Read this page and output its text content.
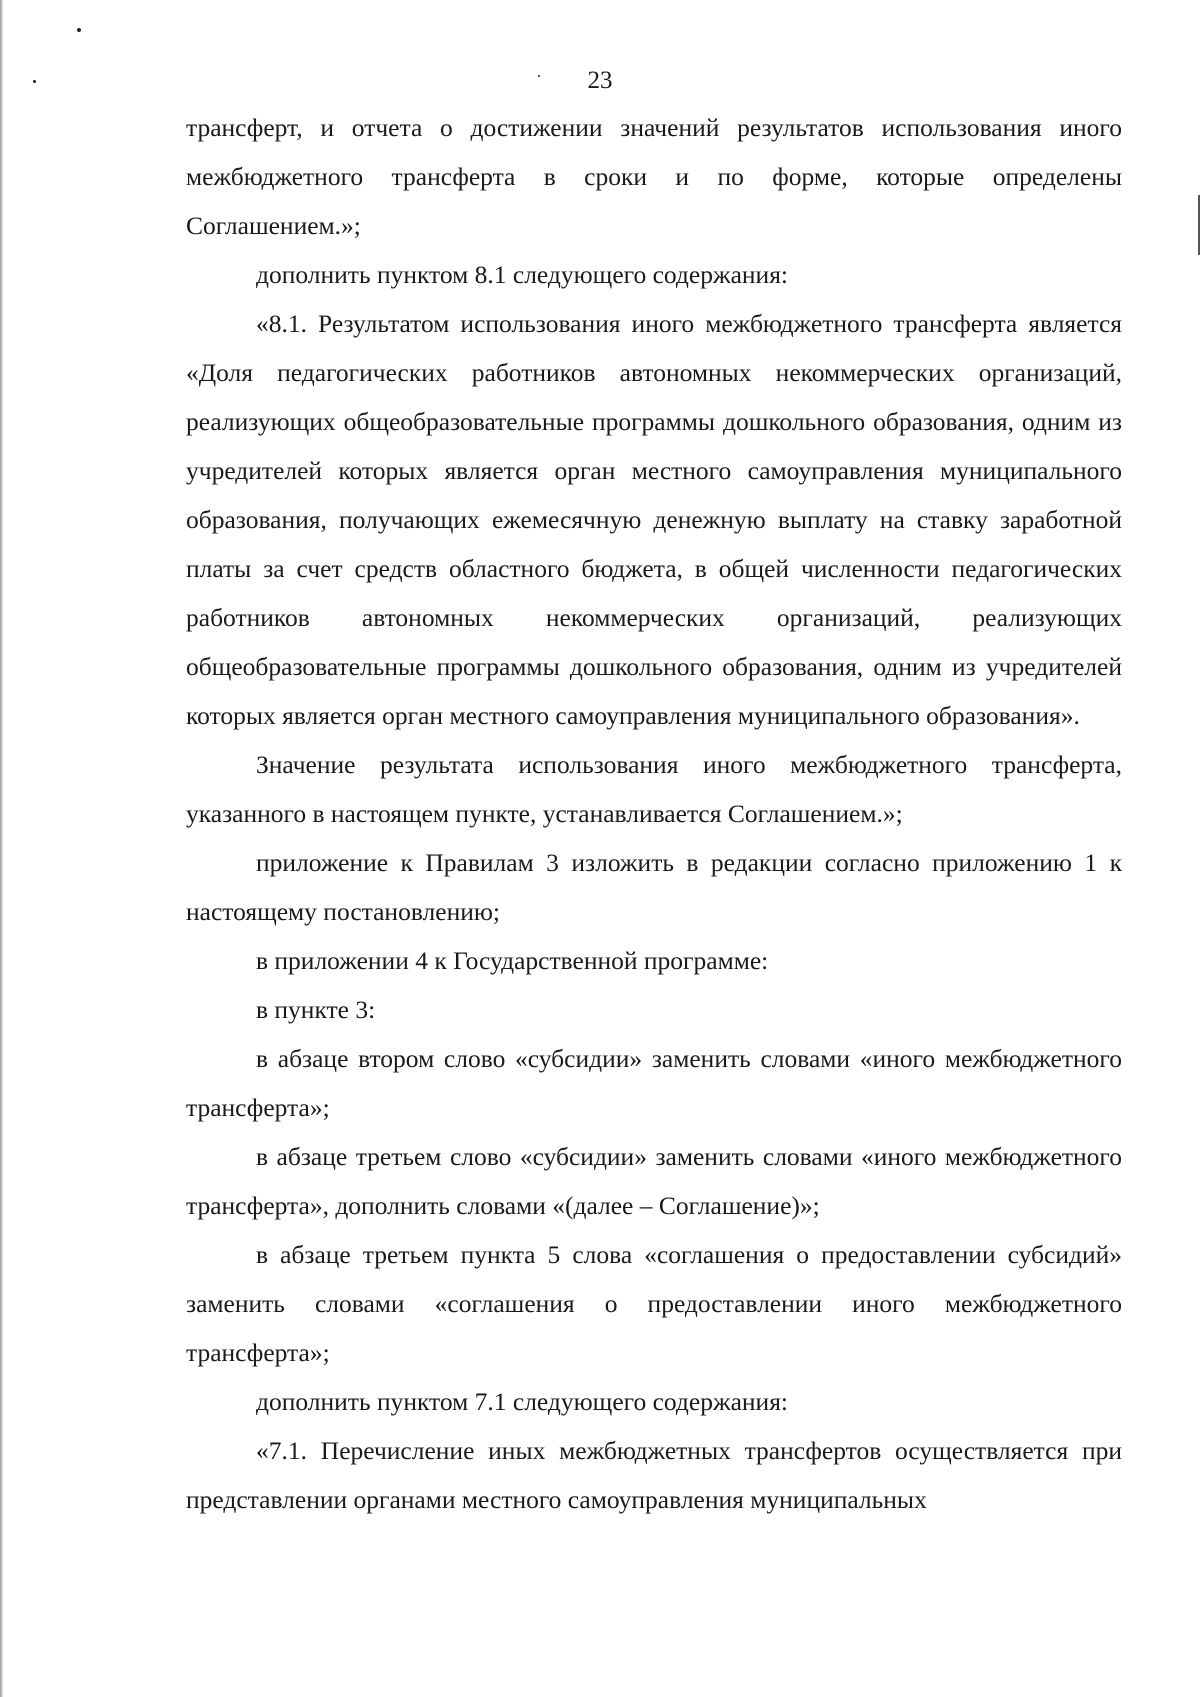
23

трансферт, и отчета о достижении значений результатов использования иного межбюджетного трансферта в сроки и по форме, которые определены Соглашением.»;

дополнить пунктом 8.1 следующего содержания:

«8.1. Результатом использования иного межбюджетного трансферта является «Доля педагогических работников автономных некоммерческих организаций, реализующих общеобразовательные программы дошкольного образования, одним из учредителей которых является орган местного самоуправления муниципального образования, получающих ежемесячную денежную выплату на ставку заработной платы за счет средств областного бюджета, в общей численности педагогических работников автономных некоммерческих организаций, реализующих общеобразовательные программы дошкольного образования, одним из учредителей которых является орган местного самоуправления муниципального образования».

Значение результата использования иного межбюджетного трансферта, указанного в настоящем пункте, устанавливается Соглашением.»;

приложение к Правилам 3 изложить в редакции согласно приложению 1 к настоящему постановлению;

в приложении 4 к Государственной программе:

в пункте 3:

в абзаце втором слово «субсидии» заменить словами «иного межбюджетного трансферта»;

в абзаце третьем слово «субсидии» заменить словами «иного межбюджетного трансферта», дополнить словами «(далее – Соглашение)»;

в абзаце третьем пункта 5 слова «соглашения о предоставлении субсидий» заменить словами «соглашения о предоставлении иного межбюджетного трансферта»;

дополнить пунктом 7.1 следующего содержания:

«7.1. Перечисление иных межбюджетных трансфертов осуществляется при представлении органами местного самоуправления муниципальных
